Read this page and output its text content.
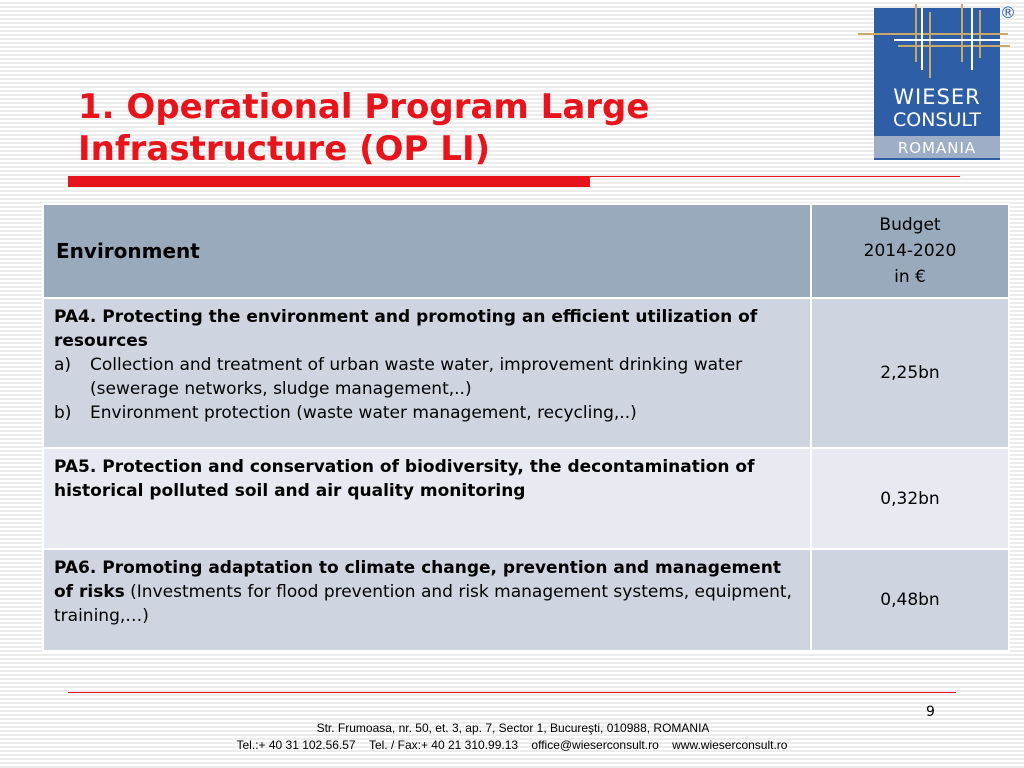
1. Operational Program Large
Infrastructure (OP LI)
WIESER
CONSULT
ROMANIA
®
Environment	Budget
2014-2020
in €

PA4. Protecting the environment and promoting an efficient utilization of resources
a) Collection and treatment of urban waste water, improvement drinking water (sewerage networks, sludge management,..)
b) Environment protection (waste water management, recycling,..)	2,25bn

PA5. Protection and conservation of biodiversity, the decontamination of historical polluted soil and air quality monitoring	0,32bn
PA6. Promoting adaptation to climate change, prevention and management of risks (Investments for flood prevention and risk management systems, equipment, training,…)	0,48bn
9
Str. Frumoasa, nr. 50, et. 3, ap. 7, Sector 1, Bucureşti, 010988, ROMANIA
Tel.:+ 40 31 102.56.57 Tel. / Fax:+ 40 21 310.99.13 office@wieserconsult.ro www.wieserconsult.ro
